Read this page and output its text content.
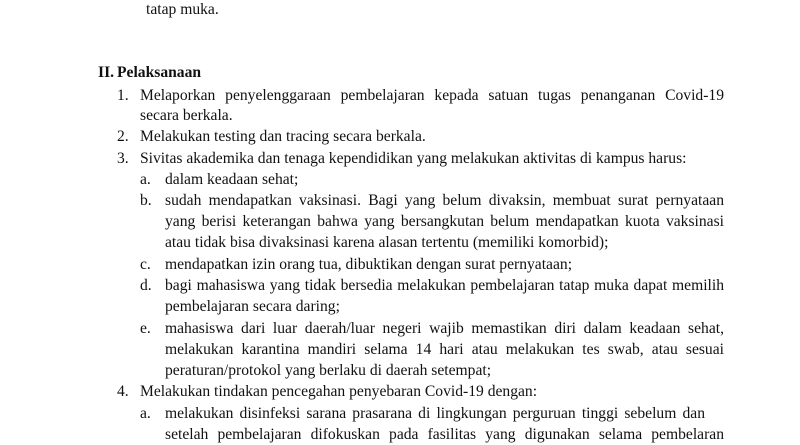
tatap muka.
II. Pelaksanaan
1. Melaporkan penyelenggaraan pembelajaran kepada satuan tugas penanganan Covid-19
secara berkala.
2. Melakukan testing dan tracing secara berkala.
3. Sivitas akademika dan tenaga kependidikan yang melakukan aktivitas di kampus harus:
a. dalam keadaan sehat;
b. sudah mendapatkan vaksinasi. Bagi yang belum divaksin, membuat surat pernyataan
yang berisi keterangan bahwa yang bersangkutan belum mendapatkan kuota vaksinasi
atau tidak bisa divaksinasi karena alasan tertentu (memiliki komorbid);
c. mendapatkan izin orang tua, dibuktikan dengan surat pernyataan;
d. bagi mahasiswa yang tidak bersedia melakukan pembelajaran tatap muka dapat memilih
pembelajaran secara daring;
e. mahasiswa dari luar daerah/luar negeri wajib memastikan diri dalam keadaan sehat,
melakukan karantina mandiri selama 14 hari atau melakukan tes swab, atau sesuai
peraturan/protokol yang berlaku di daerah setempat;
4. Melakukan tindakan pencegahan penyebaran Covid-19 dengan:
a. melakukan disinfeksi sarana prasarana di lingkungan perguruan tinggi sebelum dan
setelah pembelajaran difokuskan pada fasilitas yang digunakan selama pembelaran
